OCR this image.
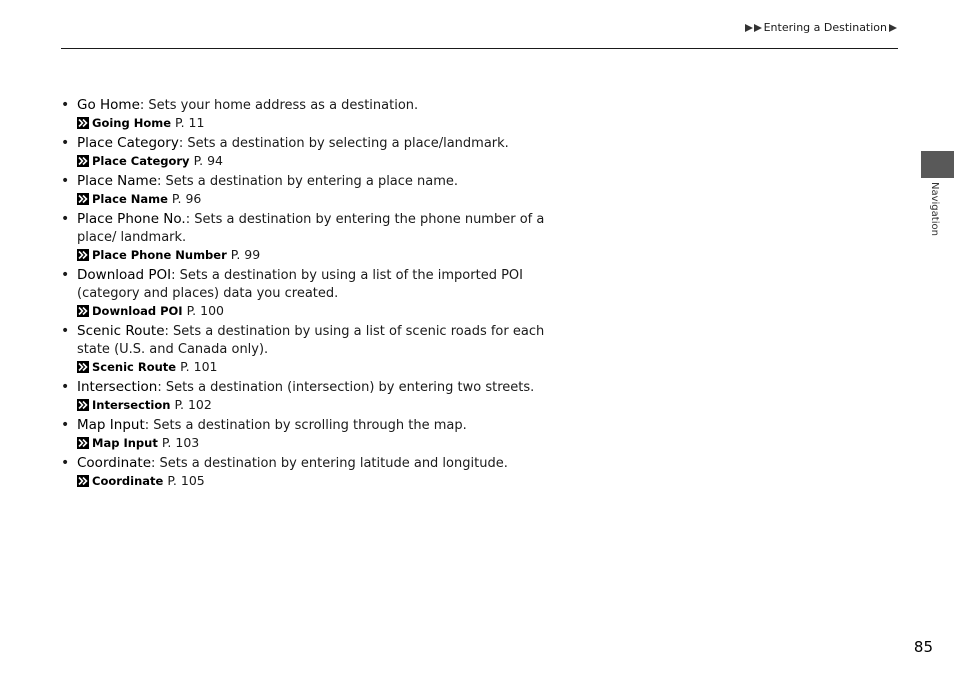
Entering a Destination
Navigation
• Go Home: Sets your home address as a destination.
Going Home P. 11
• Place Category: Sets a destination by selecting a place/landmark.
Place Category P. 94
• Place Name: Sets a destination by entering a place name.
Place Name P. 96
• Place Phone No.: Sets a destination by entering the phone number of a place/ landmark.
Place Phone Number P. 99
• Download POI: Sets a destination by using a list of the imported POI (category and places) data you created.
Download POI P. 100
• Scenic Route: Sets a destination by using a list of scenic roads for each state (U.S. and Canada only).
Scenic Route P. 101
• Intersection: Sets a destination (intersection) by entering two streets.
Intersection P. 102
• Map Input: Sets a destination by scrolling through the map.
Map Input P. 103
• Coordinate: Sets a destination by entering latitude and longitude.
Coordinate P. 105
85
